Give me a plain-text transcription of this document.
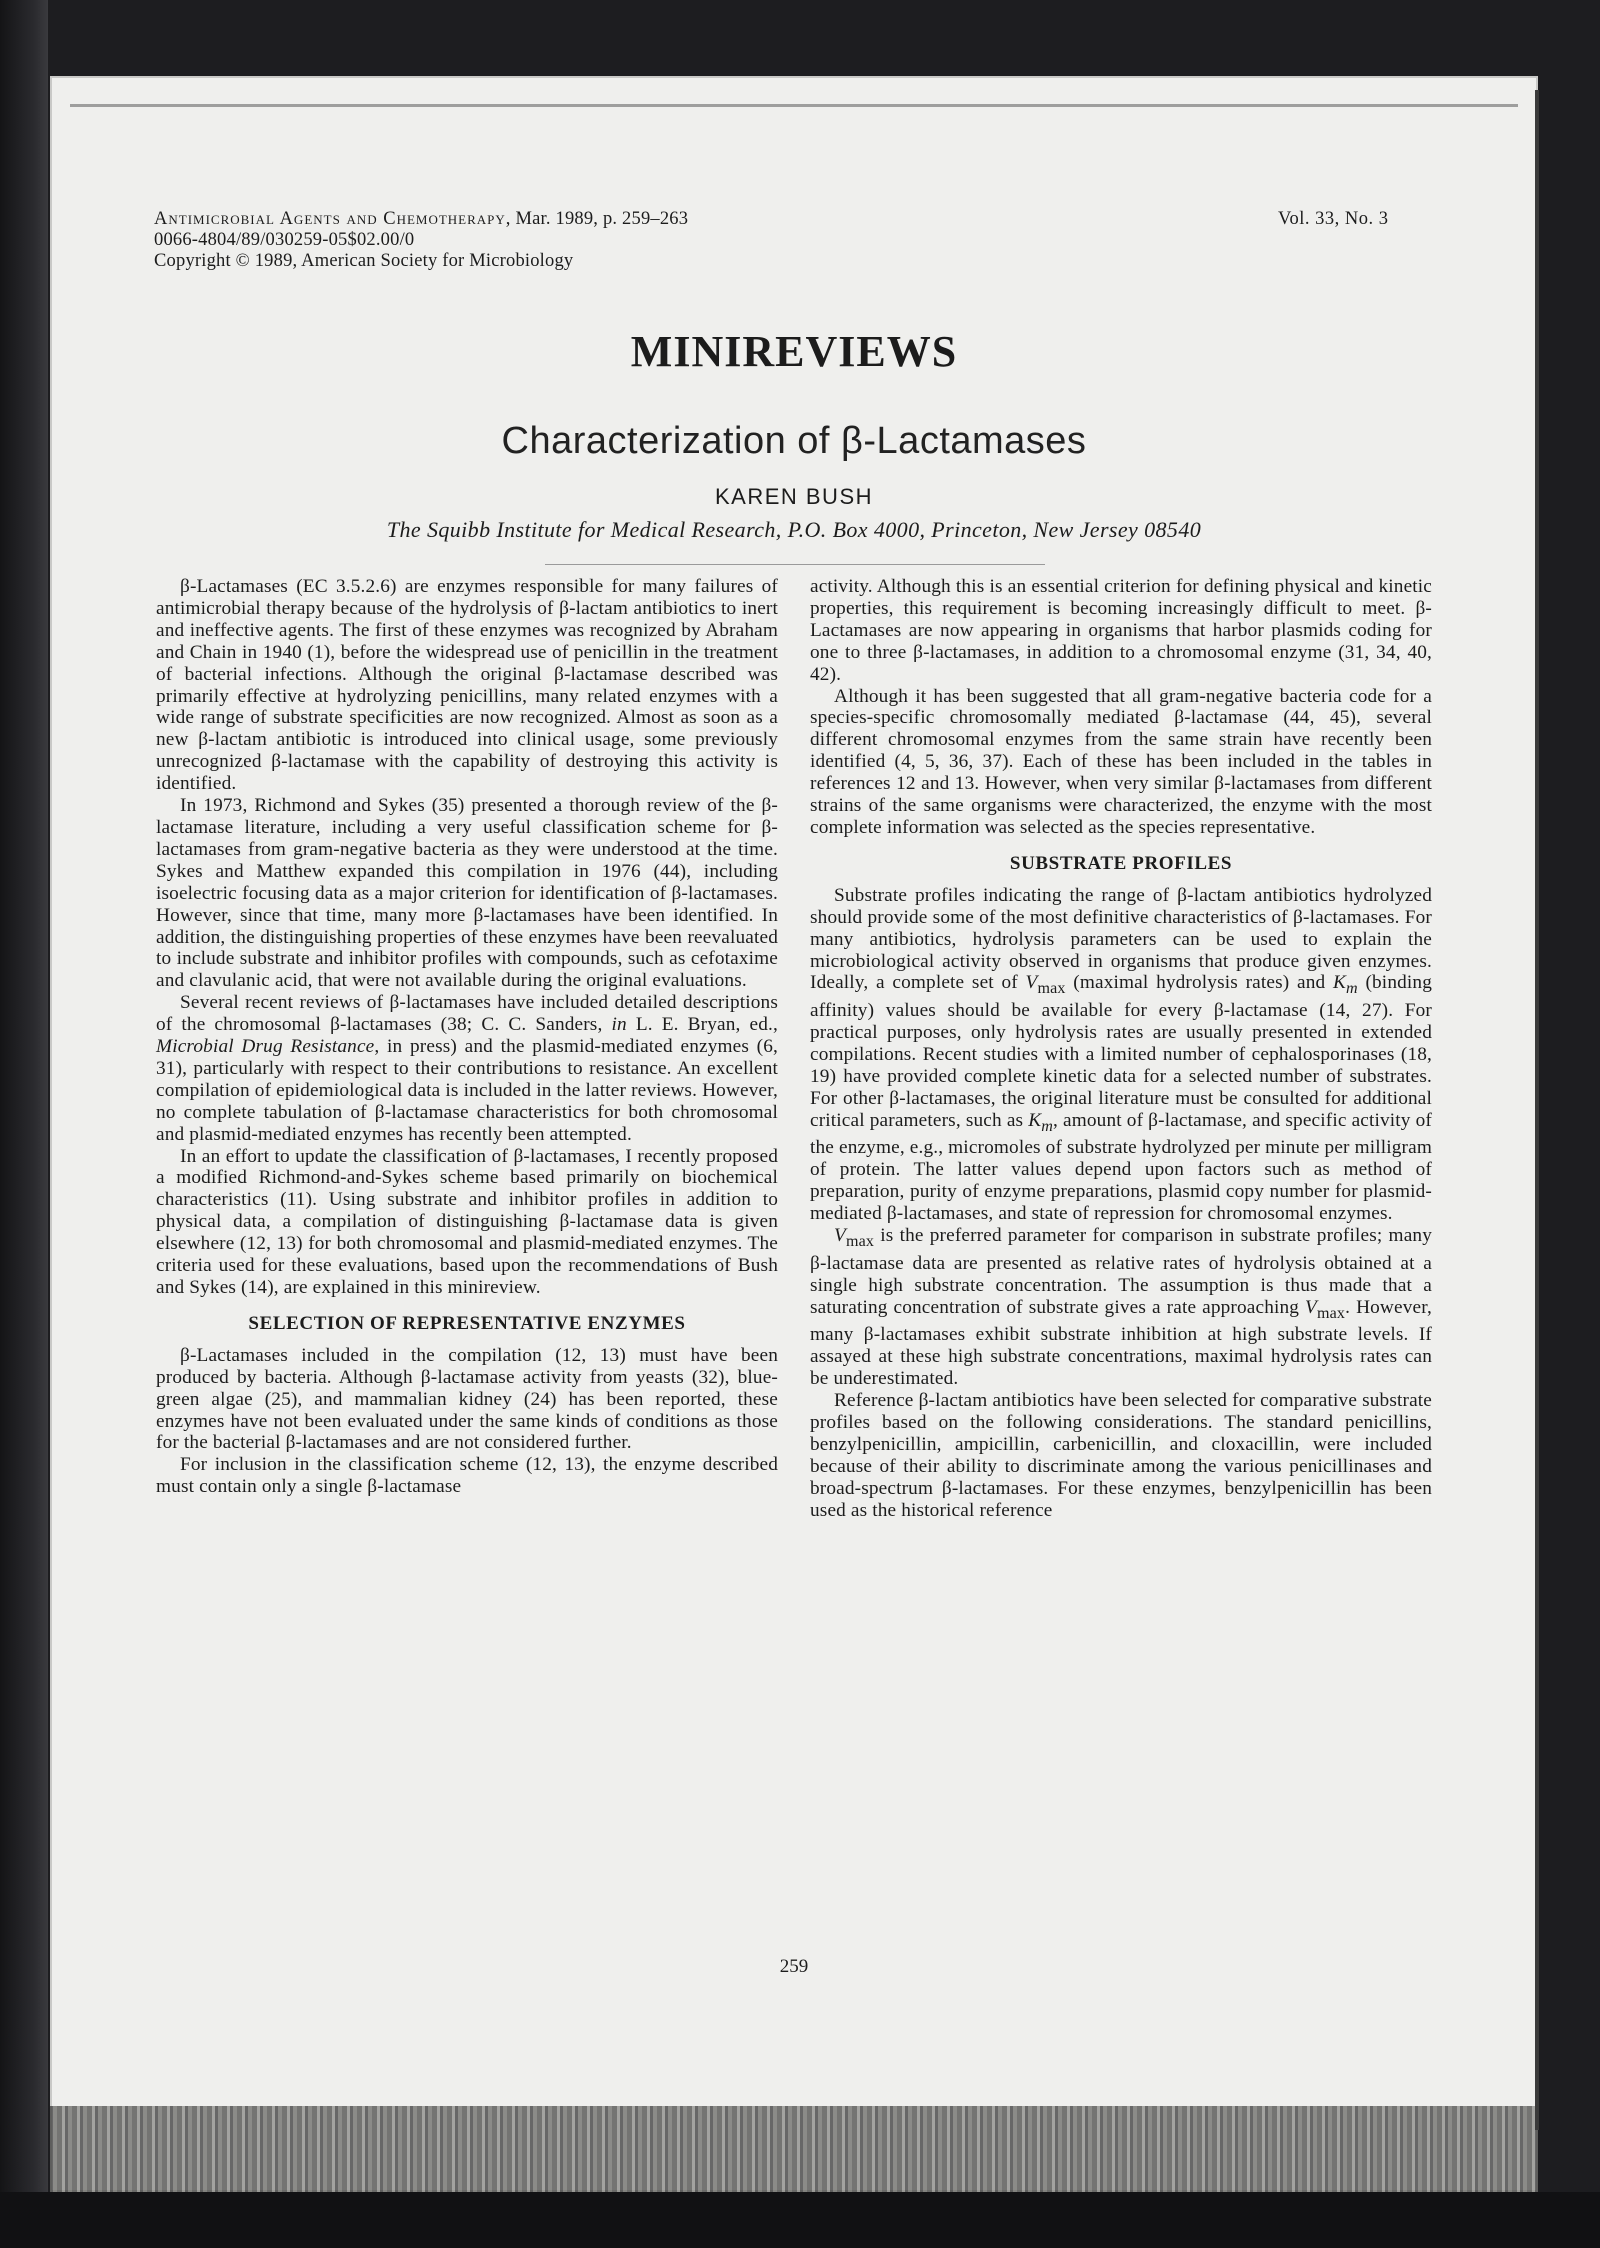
Antimicrobial Agents and Chemotherapy, Mar. 1989, p. 259–263
0066-4804/89/030259-05$02.00/0
Copyright © 1989, American Society for Microbiology
Vol. 33, No. 3
MINIREVIEWS
Characterization of β-Lactamases
KAREN BUSH
The Squibb Institute for Medical Research, P.O. Box 4000, Princeton, New Jersey 08540

β-Lactamases (EC 3.5.2.6) are enzymes responsible for many failures of antimicrobial therapy because of the hydrolysis of β-lactam antibiotics to inert and ineffective agents. The first of these enzymes was recognized by Abraham and Chain in 1940 (1), before the widespread use of penicillin in the treatment of bacterial infections. Although the original β-lactamase described was primarily effective at hydrolyzing penicillins, many related enzymes with a wide range of substrate specificities are now recognized. Almost as soon as a new β-lactam antibiotic is introduced into clinical usage, some previously unrecognized β-lactamase with the capability of destroying this activity is identified.

In 1973, Richmond and Sykes (35) presented a thorough review of the β-lactamase literature, including a very useful classification scheme for β-lactamases from gram-negative bacteria as they were understood at the time. Sykes and Matthew expanded this compilation in 1976 (44), including isoelectric focusing data as a major criterion for identification of β-lactamases. However, since that time, many more β-lactamases have been identified. In addition, the distinguishing properties of these enzymes have been reevaluated to include substrate and inhibitor profiles with compounds, such as cefotaxime and clavulanic acid, that were not available during the original evaluations.

Several recent reviews of β-lactamases have included detailed descriptions of the chromosomal β-lactamases (38; C. C. Sanders, in L. E. Bryan, ed., Microbial Drug Resistance, in press) and the plasmid-mediated enzymes (6, 31), particularly with respect to their contributions to resistance. An excellent compilation of epidemiological data is included in the latter reviews. However, no complete tabulation of β-lactamase characteristics for both chromosomal and plasmid-mediated enzymes has recently been attempted.

In an effort to update the classification of β-lactamases, I recently proposed a modified Richmond-and-Sykes scheme based primarily on biochemical characteristics (11). Using substrate and inhibitor profiles in addition to physical data, a compilation of distinguishing β-lactamase data is given elsewhere (12, 13) for both chromosomal and plasmid-mediated enzymes. The criteria used for these evaluations, based upon the recommendations of Bush and Sykes (14), are explained in this minireview.

SELECTION OF REPRESENTATIVE ENZYMES

β-Lactamases included in the compilation (12, 13) must have been produced by bacteria. Although β-lactamase activity from yeasts (32), blue-green algae (25), and mammalian kidney (24) has been reported, these enzymes have not been evaluated under the same kinds of conditions as those for the bacterial β-lactamases and are not considered further.

For inclusion in the classification scheme (12, 13), the enzyme described must contain only a single β-lactamase

activity. Although this is an essential criterion for defining physical and kinetic properties, this requirement is becoming increasingly difficult to meet. β-Lactamases are now appearing in organisms that harbor plasmids coding for one to three β-lactamases, in addition to a chromosomal enzyme (31, 34, 40, 42).

Although it has been suggested that all gram-negative bacteria code for a species-specific chromosomally mediated β-lactamase (44, 45), several different chromosomal enzymes from the same strain have recently been identified (4, 5, 36, 37). Each of these has been included in the tables in references 12 and 13. However, when very similar β-lactamases from different strains of the same organisms were characterized, the enzyme with the most complete information was selected as the species representative.

SUBSTRATE PROFILES

Substrate profiles indicating the range of β-lactam antibiotics hydrolyzed should provide some of the most definitive characteristics of β-lactamases. For many antibiotics, hydrolysis parameters can be used to explain the microbiological activity observed in organisms that produce given enzymes. Ideally, a complete set of $V_{max}$ (maximal hydrolysis rates) and $K_m$ (binding affinity) values should be available for every β-lactamase (14, 27). For practical purposes, only hydrolysis rates are usually presented in extended compilations. Recent studies with a limited number of cephalosporinases (18, 19) have provided complete kinetic data for a selected number of substrates. For other β-lactamases, the original literature must be consulted for additional critical parameters, such as $K_m$, amount of β-lactamase, and specific activity of the enzyme, e.g., micromoles of substrate hydrolyzed per minute per milligram of protein. The latter values depend upon factors such as method of preparation, purity of enzyme preparations, plasmid copy number for plasmid-mediated β-lactamases, and state of repression for chromosomal enzymes.

$V_{max}$ is the preferred parameter for comparison in substrate profiles; many β-lactamase data are presented as relative rates of hydrolysis obtained at a single high substrate concentration. The assumption is thus made that a saturating concentration of substrate gives a rate approaching $V_{max}$. However, many β-lactamases exhibit substrate inhibition at high substrate levels. If assayed at these high substrate concentrations, maximal hydrolysis rates can be underestimated.

Reference β-lactam antibiotics have been selected for comparative substrate profiles based on the following considerations. The standard penicillins, benzylpenicillin, ampicillin, carbenicillin, and cloxacillin, were included because of their ability to discriminate among the various penicillinases and broad-spectrum β-lactamases. For these enzymes, benzylpenicillin has been used as the historical reference

259
